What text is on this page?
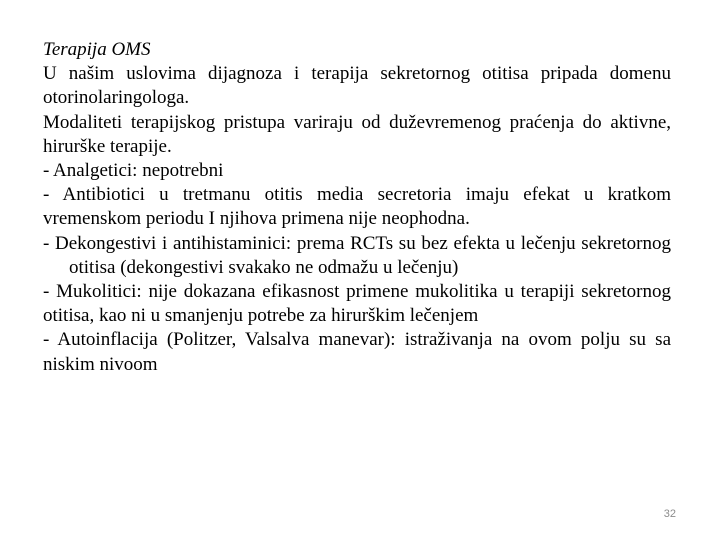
Terapija OMS

U našim uslovima dijagnoza i terapija sekretornog otitisa pripada domenu otorinolaringologa.

Modaliteti terapijskog pristupa variraju od duževremenog praćenja do aktivne, hirurške terapije.

- Analgetici: nepotrebni

- Antibiotici u tretmanu otitis media secretoria imaju efekat u kratkom vremenskom periodu I njihova primena nije neophodna.

- Dekongestivi i antihistaminici: prema RCTs su bez efekta u lečenju sekretornog otitisa (dekongestivi svakako ne odmažu u lečenju)

- Mukolitici: nije dokazana efikasnost primene mukolitika u terapiji sekretornog otitisa, kao ni u smanjenju potrebe za hirurškim lečenjem

- Autoinflacija (Politzer, Valsalva manevar): istraživanja na ovom polju su sa niskim nivoom

32
